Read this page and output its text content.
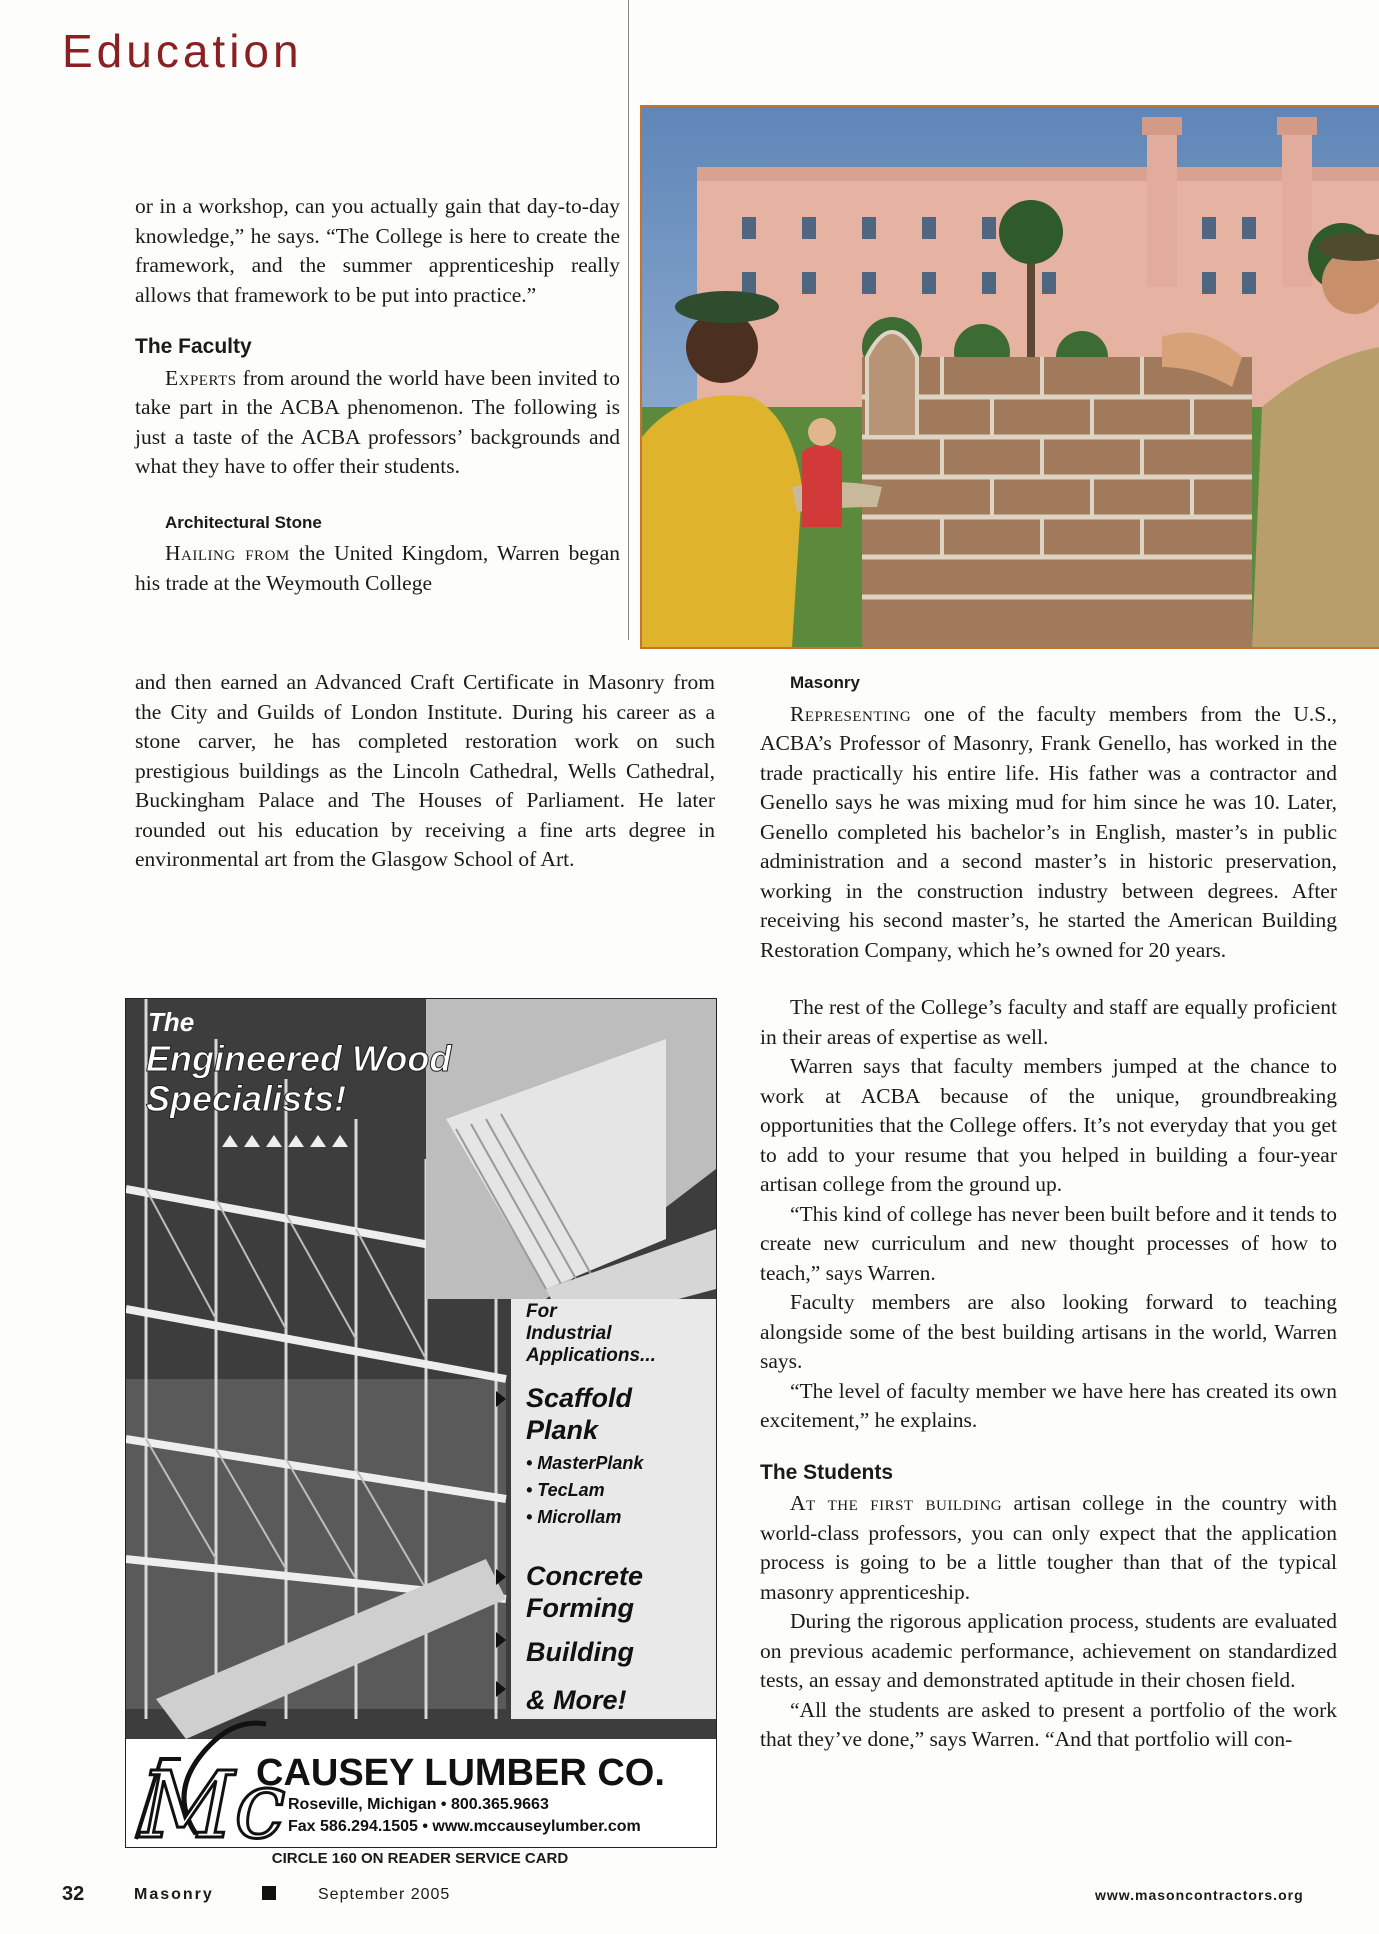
Education

or in a workshop, can you actually gain that day-to-day knowledge,” he says. “The College is here to create the framework, and the summer apprenticeship really allows that framework to be put into practice.”

The Faculty

Experts from around the world have been invited to take part in the ACBA phenomenon. The following is just a taste of the ACBA professors’ backgrounds and what they have to offer their students.

Architectural Stone

Hailing from the United Kingdom, Warren began his trade at the Weymouth College

and then earned an Advanced Craft Certificate in Masonry from the City and Guilds of London Institute. During his career as a stone carver, he has completed restoration work on such prestigious buildings as the Lincoln Cathedral, Wells Cathedral, Buckingham Palace and The Houses of Parliament. He later rounded out his education by receiving a fine arts degree in environmental art from the Glasgow School of Art.

Masonry

Representing one of the faculty members from the U.S., ACBA’s Professor of Masonry, Frank Genello, has worked in the trade practically his entire life. His father was a contractor and Genello says he was mixing mud for him since he was 10. Later, Genello completed his bachelor’s in English, master’s in public administration and a second master’s in historic preservation, working in the construction industry between degrees. After receiving his second master’s, he started the American Building Restoration Company, which he’s owned for 20 years.

The rest of the College’s faculty and staff are equally proficient in their areas of expertise as well.

Warren says that faculty members jumped at the chance to work at ACBA because of the unique, groundbreaking opportunities that the College offers. It’s not everyday that you get to add to your resume that you helped in building a four-year artisan college from the ground up.

“This kind of college has never been built before and it tends to create new curriculum and new thought processes of how to teach,” says Warren.

Faculty members are also looking forward to teaching alongside some of the best building artisans in the world, Warren says.

“The level of faculty member we have here has created its own excitement,” he explains.

The Students

At the first building artisan college in the country with world-class professors, you can only expect that the application process is going to be a little tougher than that of the typical masonry apprenticeship.

During the rigorous application process, students are evaluated on previous academic performance, achievement on standardized tests, an essay and demonstrated aptitude in their chosen field.

“All the students are asked to present a portfolio of the work that they’ve done,” says Warren. “And that portfolio will con-

The
Engineered Wood
Specialists!
For
Industrial
Applications...
Scaffold
Plank
• MasterPlank
• TecLam
• Microllam
Concrete
Forming
Building
& More!
Mc
CAUSEY LUMBER CO.
Roseville, Michigan • 800.365.9663
Fax 586.294.1505 • www.mccauseylumber.com
CIRCLE 160 ON READER SERVICE CARD
32	Masonry	September 2005	www.masoncontractors.org
